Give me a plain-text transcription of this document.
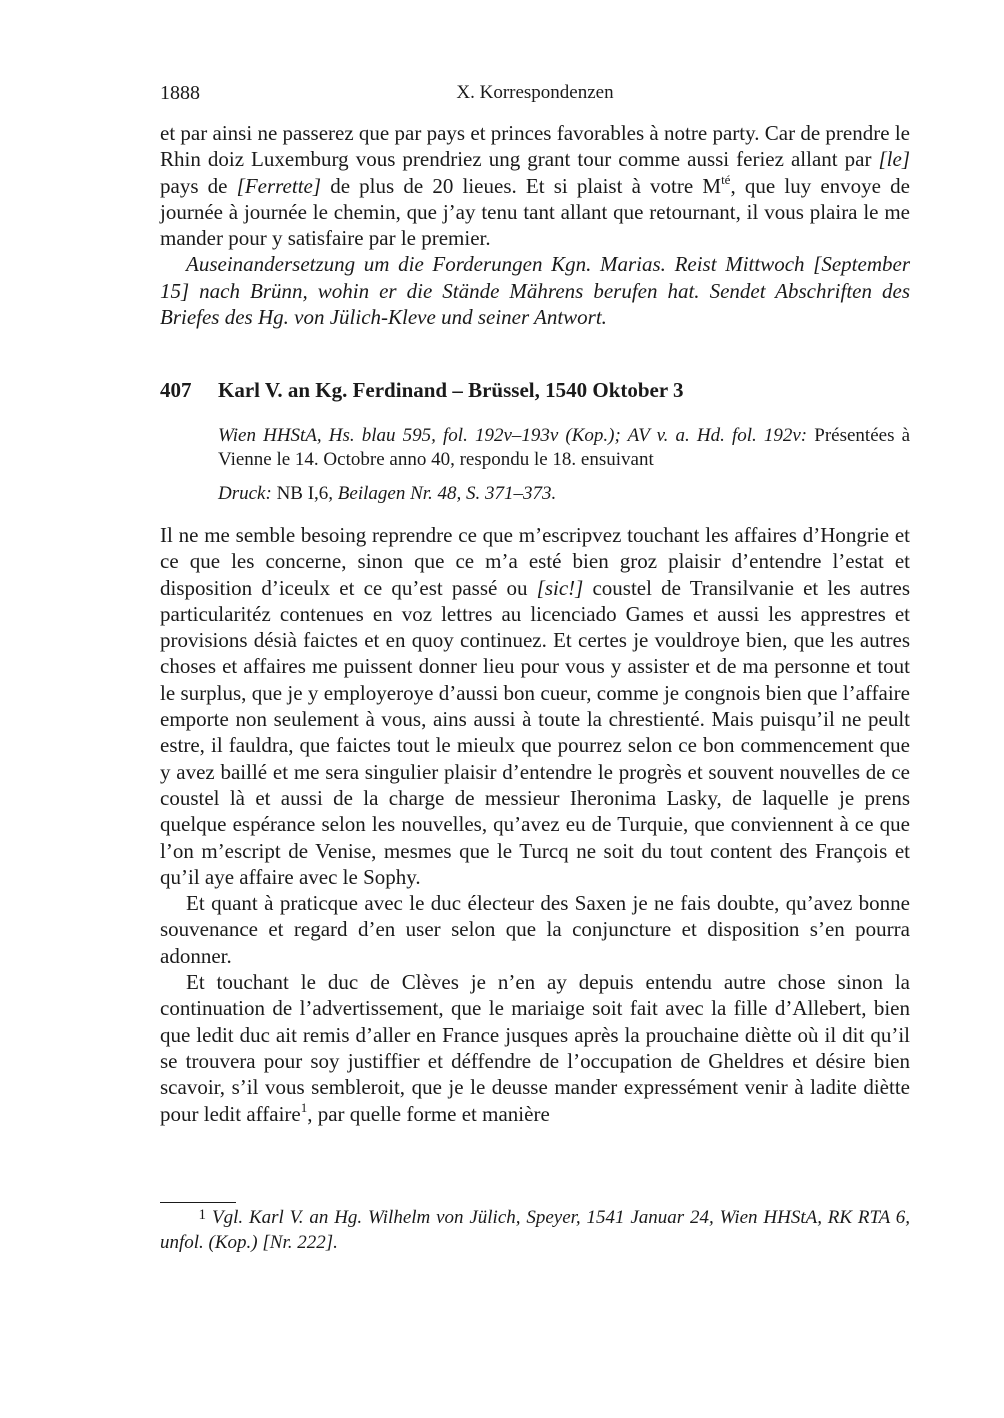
1888	X. Korrespondenzen

et par ainsi ne passerez que par pays et princes favorables à notre party. Car de prendre le Rhin doiz Luxemburg vous prendriez ung grant tour comme aussi feriez allant par [le] pays de [Ferrette] de plus de 20 lieues. Et si plaist à votre $M^{té}$, que luy envoye de journée à journée le chemin, que j’ay tenu tant allant que retournant, il vous plaira le me mander pour y satisfaire par le premier.

Auseinandersetzung um die Forderungen Kgn. Marias. Reist Mittwoch [September 15] nach Brünn, wohin er die Stände Mährens berufen hat. Sendet Abschriften des Briefes des Hg. von Jülich-Kleve und seiner Antwort.

407 Karl V. an Kg. Ferdinand – Brüssel, 1540 Oktober 3

Wien HHStA, Hs. blau 595, fol. 192v–193v (Kop.); AV v. a. Hd. fol. 192v: Présentées à Vienne le 14. Octobre anno 40, respondu le 18. ensuivant

Druck: NB I,6, Beilagen Nr. 48, S. 371–373.

Il ne me semble besoing reprendre ce que m’escripvez touchant les affaires d’Hongrie et ce que les concerne, sinon que ce m’a esté bien groz plaisir d’entendre l’estat et disposition d’iceulx et ce qu’est passé ou [sic!] coustel de Transilvanie et les autres particularitéz contenues en voz lettres au licenciado Games et aussi les apprestres et provisions désià faictes et en quoy continuez. Et certes je vouldroye bien, que les autres choses et affaires me puissent donner lieu pour vous y assister et de ma personne et tout le surplus, que je y employeroye d’aussi bon cueur, comme je congnois bien que l’affaire emporte non seulement à vous, ains aussi à toute la chrestienté. Mais puisqu’il ne peult estre, il fauldra, que faictes tout le mieulx que pourrez selon ce bon commencement que y avez baillé et me sera singulier plaisir d’entendre le progrès et souvent nouvelles de ce coustel là et aussi de la charge de messieur Iheronima Lasky, de laquelle je prens quelque espérance selon les nouvelles, qu’avez eu de Turquie, que conviennent à ce que l’on m’escript de Venise, mesmes que le Turcq ne soit du tout content des François et qu’il aye affaire avec le Sophy.

Et quant à praticque avec le duc électeur des Saxen je ne fais doubte, qu’avez bonne souvenance et regard d’en user selon que la conjuncture et disposition s’en pourra adonner.

Et touchant le duc de Clèves je n’en ay depuis entendu autre chose sinon la continuation de l’advertissement, que le mariaige soit fait avec la fille d’Allebert, bien que ledit duc ait remis d’aller en France jusques après la prouchaine diètte où il dit qu’il se trouvera pour soy justiffier et déffendre de l’occupation de Gheldres et désire bien scavoir, s’il vous sembleroit, que je le deusse mander expressément venir à ladite diètte pour ledit affaire$^1$, par quelle forme et manière

1 Vgl. Karl V. an Hg. Wilhelm von Jülich, Speyer, 1541 Januar 24, Wien HHStA, RK RTA 6, unfol. (Kop.) [Nr. 222].
